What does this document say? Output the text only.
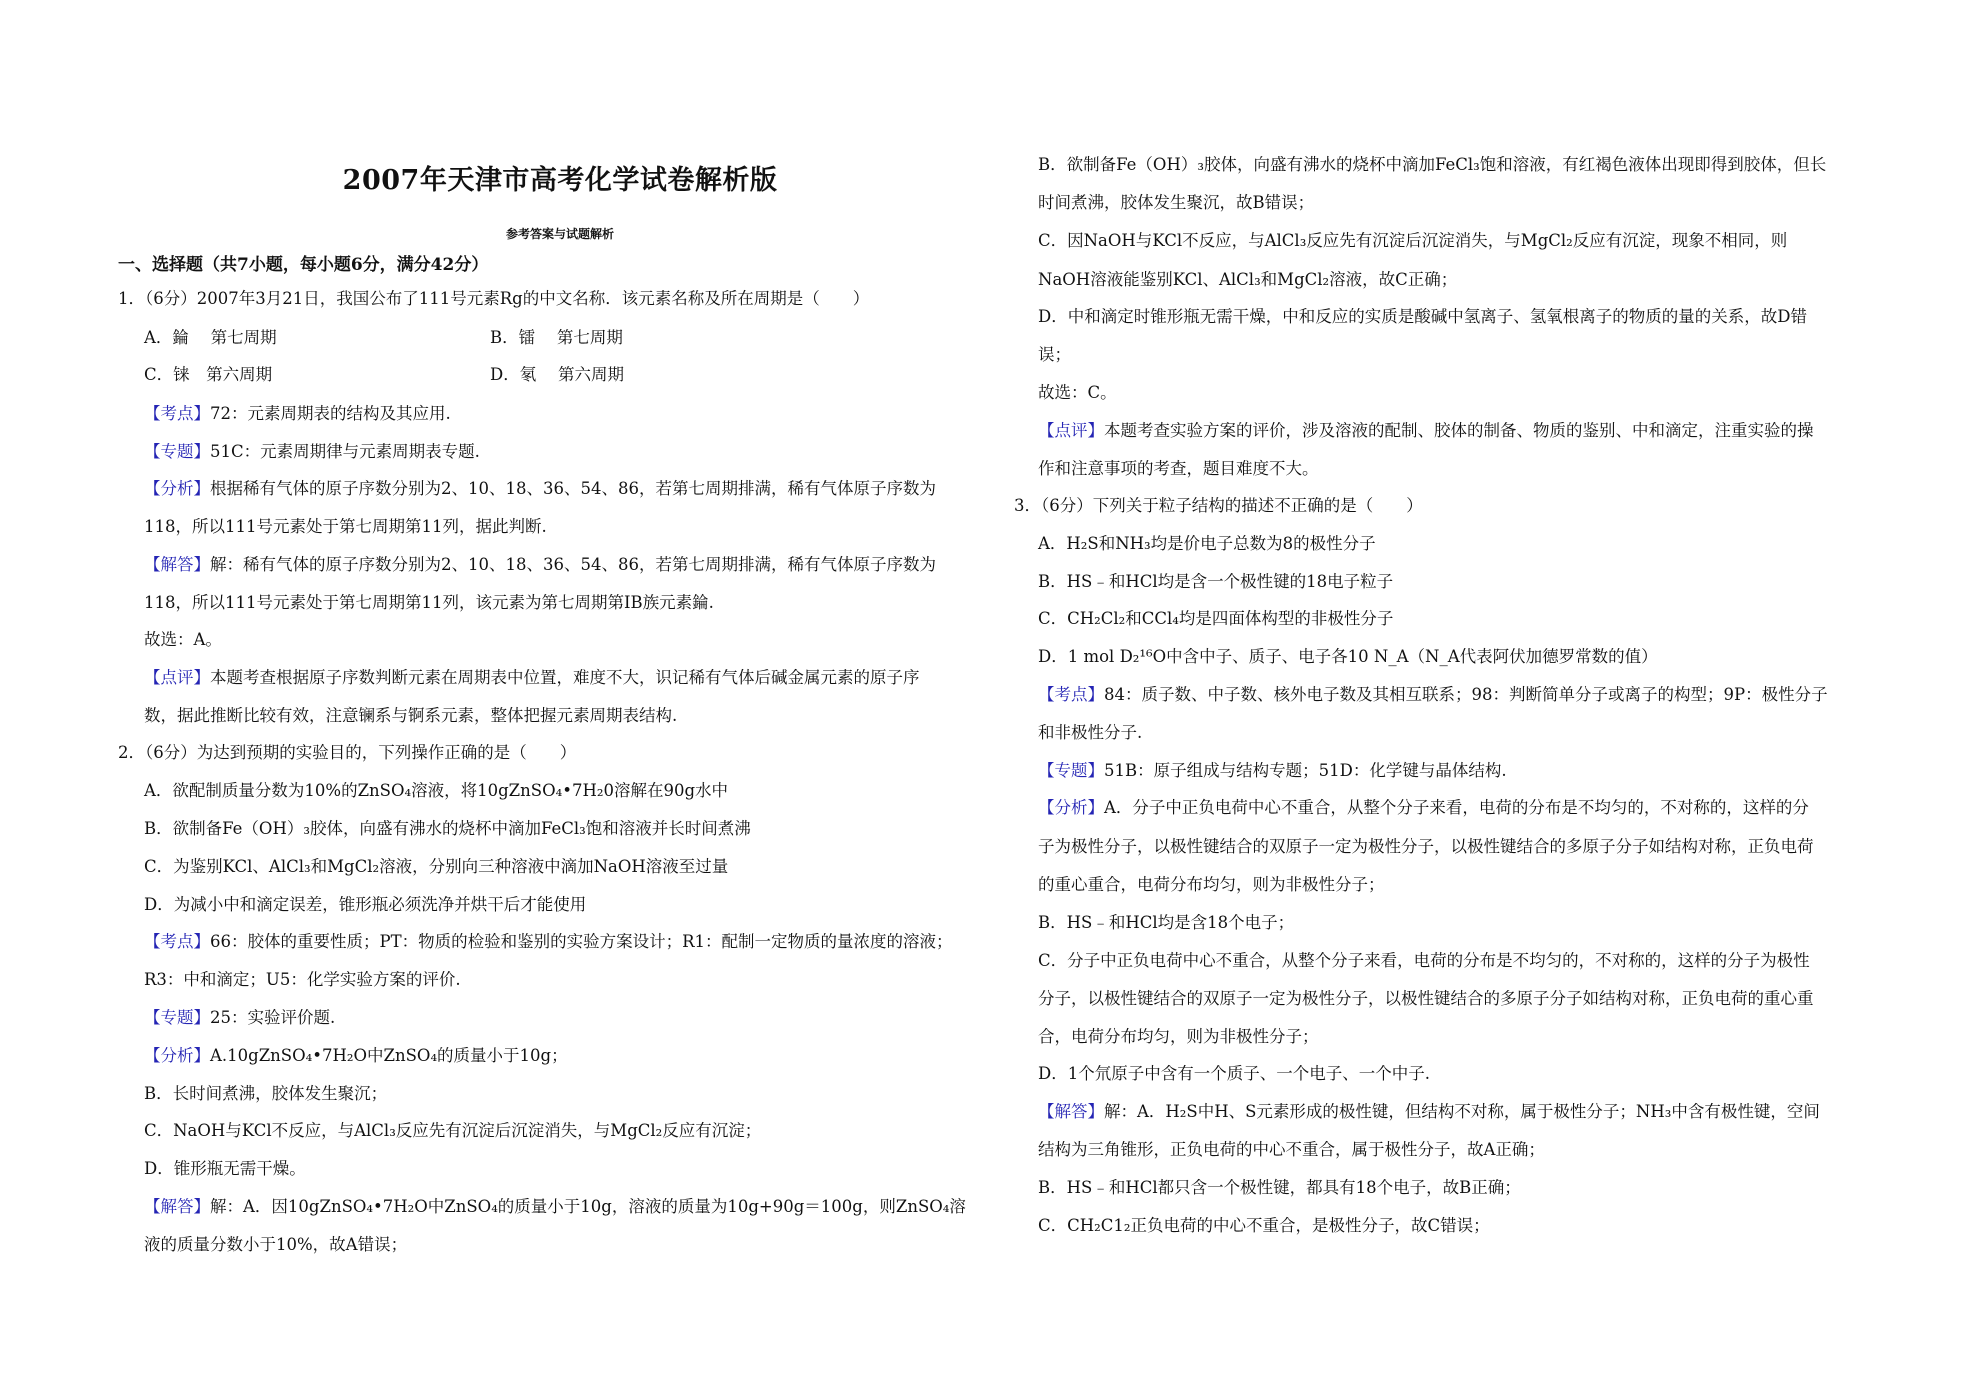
2007年天津市高考化学试卷解析版
参考答案与试题解析
一、选择题（共7小题，每小题6分，满分42分）
1．（6分）2007年3月21日，我国公布了111号元素Rg的中文名称．该元素名称及所在周期是（　　）
A．錀　 第七周期
C．铼　第六周期
【考点】72：元素周期表的结构及其应用.
【专题】51C：元素周期律与元素周期表专题.
【分析】根据稀有气体的原子序数分别为2、10、18、36、54、86，若第七周期排满，稀有气体原子序数为
118，所以111号元素处于第七周期第11列，据此判断.
【解答】解：稀有气体的原子序数分别为2、10、18、36、54、86，若第七周期排满，稀有气体原子序数为
118，所以111号元素处于第七周期第11列，该元素为第七周期第ⅠB族元素錀.
故选：A。
【点评】本题考查根据原子序数判断元素在周期表中位置，难度不大，识记稀有气体后碱金属元素的原子序
数，据此推断比较有效，注意镧系与锕系元素，整体把握元素周期表结构.
2．（6分）为达到预期的实验目的，下列操作正确的是（　　）
A．欲配制质量分数为10%的ZnSO₄溶液，将10gZnSO₄•7H₂0溶解在90g水中
B．欲制备Fe（OH）₃胶体，向盛有沸水的烧杯中滴加FeCl₃饱和溶液并长时间煮沸
C．为鉴别KCl、AlCl₃和MgCl₂溶液，分别向三种溶液中滴加NaOH溶液至过量
D．为减小中和滴定误差，锥形瓶必须洗净并烘干后才能使用
【考点】66：胶体的重要性质；PT：物质的检验和鉴别的实验方案设计；R1：配制一定物质的量浓度的溶液；
R3：中和滴定；U5：化学实验方案的评价.
【专题】25：实验评价题.
【分析】A.10gZnSO₄•7H₂O中ZnSO₄的质量小于10g；
B．长时间煮沸，胶体发生聚沉；
C．NaOH与KCl不反应，与AlCl₃反应先有沉淀后沉淀消失，与MgCl₂反应有沉淀；
D．锥形瓶无需干燥。
【解答】解：A．因10gZnSO₄•7H₂O中ZnSO₄的质量小于10g，溶液的质量为10g+90g＝100g，则ZnSO₄溶
液的质量分数小于10%，故A错误；
B．镭　 第七周期
D．氡　 第六周期
B．欲制备Fe（OH）₃胶体，向盛有沸水的烧杯中滴加FeCl₃饱和溶液，有红褐色液体出现即得到胶体，但长
时间煮沸，胶体发生聚沉，故B错误；
C．因NaOH与KCl不反应，与AlCl₃反应先有沉淀后沉淀消失，与MgCl₂反应有沉淀，现象不相同，则
NaOH溶液能鉴别KCl、AlCl₃和MgCl₂溶液，故C正确；
D．中和滴定时锥形瓶无需干燥，中和反应的实质是酸碱中氢离子、氢氧根离子的物质的量的关系，故D错
误；
故选：C。
【点评】本题考查实验方案的评价，涉及溶液的配制、胶体的制备、物质的鉴别、中和滴定，注重实验的操
作和注意事项的考查，题目难度不大。
3．（6分）下列关于粒子结构的描述不正确的是（　　）
A．H₂S和NH₃均是价电子总数为8的极性分子
B．HS﹣和HCl均是含一个极性键的18电子粒子
C．CH₂Cl₂和CCl₄均是四面体构型的非极性分子
D．1 mol D₂¹⁶O中含中子、质子、电子各10 N_A（N_A代表阿伏加德罗常数的值）
【考点】84：质子数、中子数、核外电子数及其相互联系；98：判断简单分子或离子的构型；9P：极性分子
和非极性分子.
【专题】51B：原子组成与结构专题；51D：化学键与晶体结构.
【分析】A．分子中正负电荷中心不重合，从整个分子来看，电荷的分布是不均匀的，不对称的，这样的分
子为极性分子，以极性键结合的双原子一定为极性分子，以极性键结合的多原子分子如结构对称，正负电荷
的重心重合，电荷分布均匀，则为非极性分子；
B．HS﹣和HCl均是含18个电子；
C．分子中正负电荷中心不重合，从整个分子来看，电荷的分布是不均匀的，不对称的，这样的分子为极性
分子，以极性键结合的双原子一定为极性分子，以极性键结合的多原子分子如结构对称，正负电荷的重心重
合，电荷分布均匀，则为非极性分子；
D．1个氘原子中含有一个质子、一个电子、一个中子.
【解答】解：A．H₂S中H、S元素形成的极性键，但结构不对称，属于极性分子；NH₃中含有极性键，空间
结构为三角锥形，正负电荷的中心不重合，属于极性分子，故A正确；
B．HS﹣和HCl都只含一个极性键，都具有18个电子，故B正确；
C．CH₂C1₂正负电荷的中心不重合，是极性分子，故C错误；
